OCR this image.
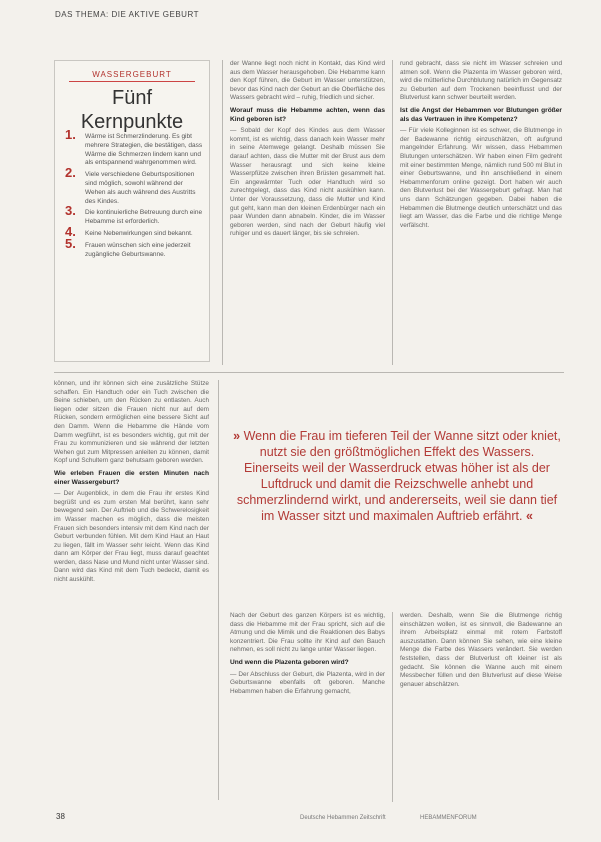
DAS THEMA: DIE AKTIVE GEBURT
WASSERGEBURT
Fünf
Kernpunkte
1. Wärme ist Schmerzlinderung. Es gibt mehrere Strategien, die bestätigen, dass Wärme die Schmerzen lindern kann und als entspannend wahrgenommen wird.
2. Viele verschiedene Geburtspositionen sind möglich, sowohl während der Wehen als auch während des Austritts des Kindes.
3. Die kontinuierliche Betreuung durch eine Hebamme ist erforderlich.
4. Keine Nebenwirkungen sind bekannt.
5. Frauen wünschen sich eine jederzeit zugängliche Geburtswanne.

der Wanne liegt noch nicht in Kontakt, das Kind wird aus dem Wasser herausgehoben. Die Hebamme kann den Kopf führen, die Geburt im Wasser unterstützen, bevor das Kind nach der Geburt an die Oberfläche des Wassers gebracht wird – ruhig, friedlich und sicher.

Worauf muss die Hebamme achten, wenn das Kind geboren ist?

— Sobald der Kopf des Kindes aus dem Wasser kommt, ist es wichtig, dass danach kein Wasser mehr in seine Atemwege gelangt. Deshalb müssen Sie darauf achten, dass die Mutter mit der Brust aus dem Wasser herausragt und sich keine kleine Wasserpfütze zwischen ihren Brüsten gesammelt hat. Ein angewärmter Tuch oder Handtuch wird so zurechtgelegt, dass das Kind nicht auskühlen kann. Unter der Voraussetzung, dass die Mutter und Kind gut geht, kann man den kleinen Erdenbürger nach ein paar Wunden dann abnabeln. Kinder, die im Wasser geboren werden, sind nach der Geburt häufig viel ruhiger und es dauert länger, bis sie schreien.

rund gebracht, dass sie nicht im Wasser schreien und atmen soll. Wenn die Plazenta im Wasser geboren wird, wird die mütterliche Durchblutung natürlich im Gegensatz zu Geburten auf dem Trockenen beeinflusst und der Blutverlust kann schwer beurteilt werden.

Ist die Angst der Hebammen vor Blutungen größer als das Vertrauen in ihre Kompetenz?

— Für viele Kolleginnen ist es schwer, die Blutmenge in der Badewanne richtig einzuschätzen, oft aufgrund mangelnder Erfahrung. Wir wissen, dass Hebammen Blutungen unterschätzen. Wir haben einen Film gedreht mit einer bestimmten Menge, nämlich rund 500 ml Blut in einer Geburtswanne, und ihn anschließend in einem Hebammenforum online gezeigt. Dort haben wir auch den Blutverlust bei der Wassergeburt gefragt. Man hat uns dann Schätzungen gegeben. Dabei haben die Hebammen die Blutmenge deutlich unterschätzt und das liegt am Wasser, das die Farbe und die richtige Menge verfälscht.

können, und ihr können sich eine zusätzliche Stütze schaffen. Ein Handtuch oder ein Tuch zwischen die Beine schieben, um den Rücken zu entlasten. Auch liegen oder sitzen die Frauen nicht nur auf dem Rücken, sondern ermöglichen eine bessere Sicht auf den Damm. Wenn die Hebamme die Hände vom Damm wegführt, ist es besonders wichtig, gut mit der Frau zu kommunizieren und sie während der letzten Wehen gut zum Mitpressen anleiten zu können, damit Kopf und Schultern ganz behutsam geboren werden.

Wie erleben Frauen die ersten Minuten nach einer Wassergeburt?

— Der Augenblick, in dem die Frau ihr erstes Kind begrüßt und es zum ersten Mal berührt, kann sehr bewegend sein. Der Auftrieb und die Schwerelosigkeit im Wasser machen es möglich, dass die meisten Frauen sich besonders intensiv mit dem Kind nach der Geburt verbunden fühlen. Mit dem Kind Haut an Haut zu liegen, fällt im Wasser sehr leicht. Wenn das Kind dann am Körper der Frau liegt, muss darauf geachtet werden, dass Nase und Mund nicht unter Wasser sind. Dann wird das Kind mit dem Tuch bedeckt, damit es nicht auskühlt.

» Wenn die Frau im tieferen Teil der Wanne sitzt oder kniet, nutzt sie den größtmöglichen Effekt des Wassers. Einerseits weil der Wasserdruck etwas höher ist als der Luftdruck und damit die Reizschwelle anhebt und schmerzlindernd wirkt, und andererseits, weil sie dann tief im Wasser sitzt und maximalen Auftrieb erfährt. «

Nach der Geburt des ganzen Körpers ist es wichtig, dass die Hebamme mit der Frau spricht, sich auf die Atmung und die Mimik und die Reaktionen des Babys konzentriert. Die Frau sollte ihr Kind auf den Bauch nehmen, es soll nicht zu lange unter Wasser liegen.

Und wenn die Plazenta geboren wird?

— Der Abschluss der Geburt, die Plazenta, wird in der Geburtswanne ebenfalls oft geboren. Manche Hebammen haben die Erfahrung gemacht,

werden. Deshalb, wenn Sie die Blutmenge richtig einschätzen wollen, ist es sinnvoll, die Badewanne an ihrem Arbeitsplatz einmal mit rotem Farbstoff auszustatten. Dann können Sie sehen, wie eine kleine Menge die Farbe des Wassers verändert. Sie werden feststellen, dass der Blutverlust oft kleiner ist als gedacht. Sie können die Wanne auch mit einem Messbecher füllen und den Blutverlust auf diese Weise genauer abschätzen.

38	Deutsche Hebammen Zeitschrift	HEBAMMENFORUM
